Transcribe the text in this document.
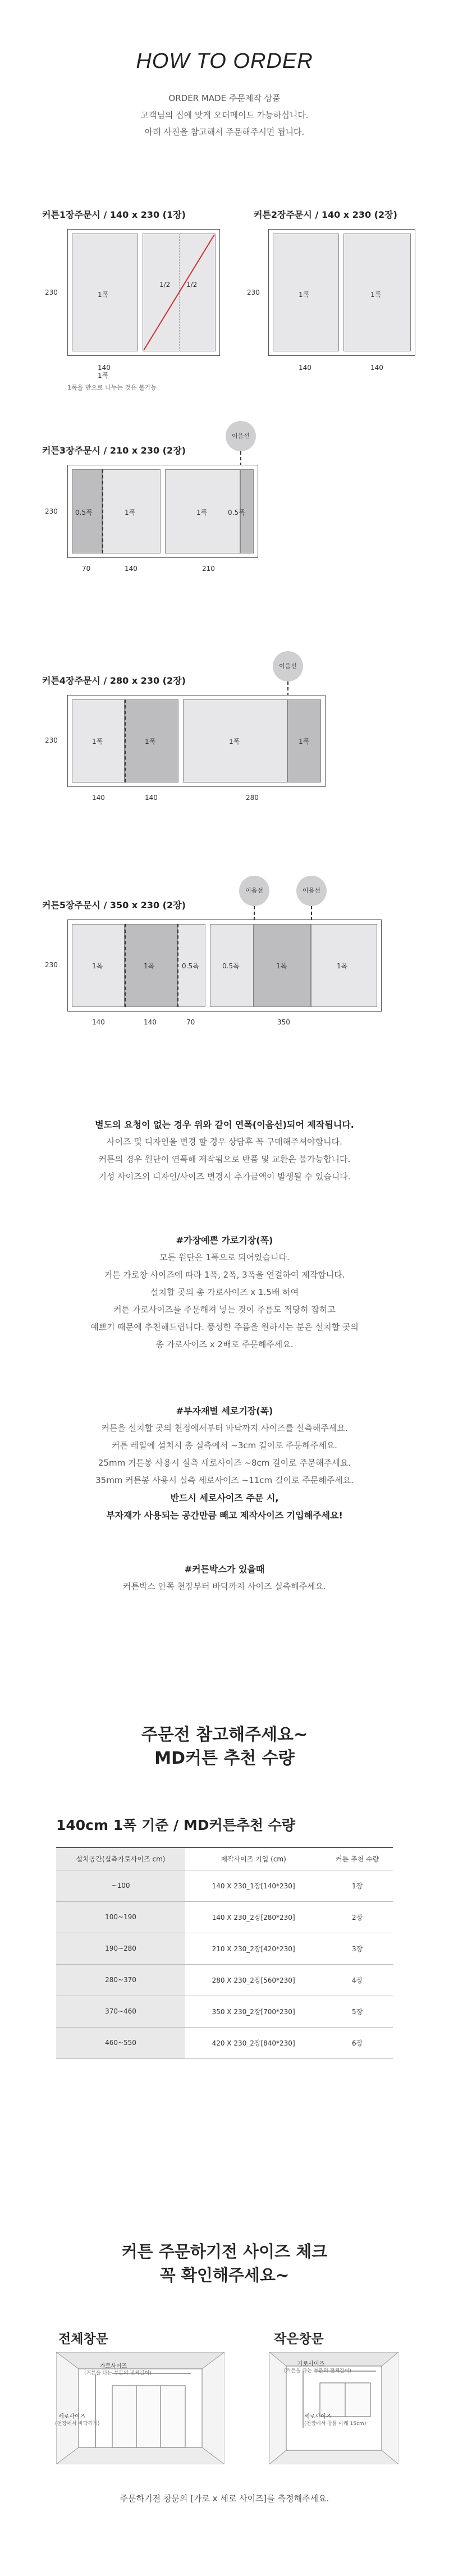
HOW TO ORDER
ORDER MADE 주문제작 상품
고객님의 집에 맞게 오더메이드 가능하십니다.
아래 사진을 참고해서 주문해주시면 됩니다.
커튼1장주문시 / 140 x 230 (1장)
1폭
1/2 1/2
230
140
1폭
1폭을 반으로 나누는 것은 불가능
커튼2장주문시 / 140 x 230 (2장)
1폭	1폭
230
140	140
커튼3장주문시 / 210 x 230 (2장)
이음선
0.5폭	1폭	1폭	0.5폭
230
70	140	210
커튼4장주문시 / 280 x 230 (2장)
이음선
1폭	1폭	1폭	1폭
230
140	140	280
커튼5장주문시 / 350 x 230 (2장)
이음선	이음선
1폭	1폭	0.5폭	0.5폭	1폭	1폭
230
140	140	70	350
별도의 요청이 없는 경우 위와 같이 연폭(이음선)되어 제작됩니다.
사이즈 및 디자인을 변경 할 경우 상담후 꼭 구매해주셔야합니다.
커튼의 경우 원단이 연폭해 제작됨으로 반품 및 교환은 불가능합니다.
기성 사이즈외 디자인/사이즈 변경시 추가금액이 발생될 수 있습니다.
#가장예쁜 가로기장(폭)
모든 원단은 1폭으로 되어있습니다.
커튼 가로창 사이즈에 따라 1폭, 2폭, 3폭을 연결하여 제작합니다.
설치할 곳의 총 가로사이즈 x 1.5배 하여
커튼 가로사이즈를 주문해져 넣는 것이 주름도 적당히 잡히고
예쁘기 때문에 추천해드립니다. 풍성한 주름을 원하시는 분은 설치할 곳의
총 가로사이즈 x 2배로 주문해주세요.
#부자재별 세로기장(폭)
커튼을 설치할 곳의 천정에서부터 바닥까지 사이즈를 실측해주세요.
커튼 레일에 설치시 총 실측에서 ~3cm 길이로 주문해주세요.
25mm 커튼봉 사용시 실측 세로사이즈 ~8cm 길이로 주문해주세요.
35mm 커튼봉 사용시 실측 세로사이즈 ~11cm 길이로 주문해주세요.
반드시 세로사이즈 주문 시,
부자재가 사용되는 공간만큼 빼고 제작사이즈 기입해주세요!
#커튼박스가 있을때
커튼박스 안쪽 천장부터 바닥까지 사이즈 실측해주세요.
주문전 참고해주세요~
MD커튼 추천 수량
140cm 1폭 기준 / MD커튼추천 수량
설치공간(실측가로사이즈 cm)	제작사이즈 기입 (cm)	커튼 추천 수량
~100	140 X 230_1장[140*230]	1장
100~190	140 X 230_2장[280*230]	2장
190~280	210 X 230_2장[420*230]	3장
280~370	280 X 230_2장[560*230]	4장
370~460	350 X 230_2장[700*230]	5장
460~550	420 X 230_2장[840*230]	6장
커튼 주문하기전 사이즈 체크
꼭 확인해주세요~
전체창문	작은창문
가로사이즈
(커튼을 다는 부분의 전체길이)
세로사이즈
(천장에서 바닥까지)
가로사이즈
(커튼을 다는 부분의 전체길이)
세로사이즈
(천장에서 창틀 아래 15cm)
주문하기전 창문의 [가로 x 세로 사이즈]를 측정해주세요.
